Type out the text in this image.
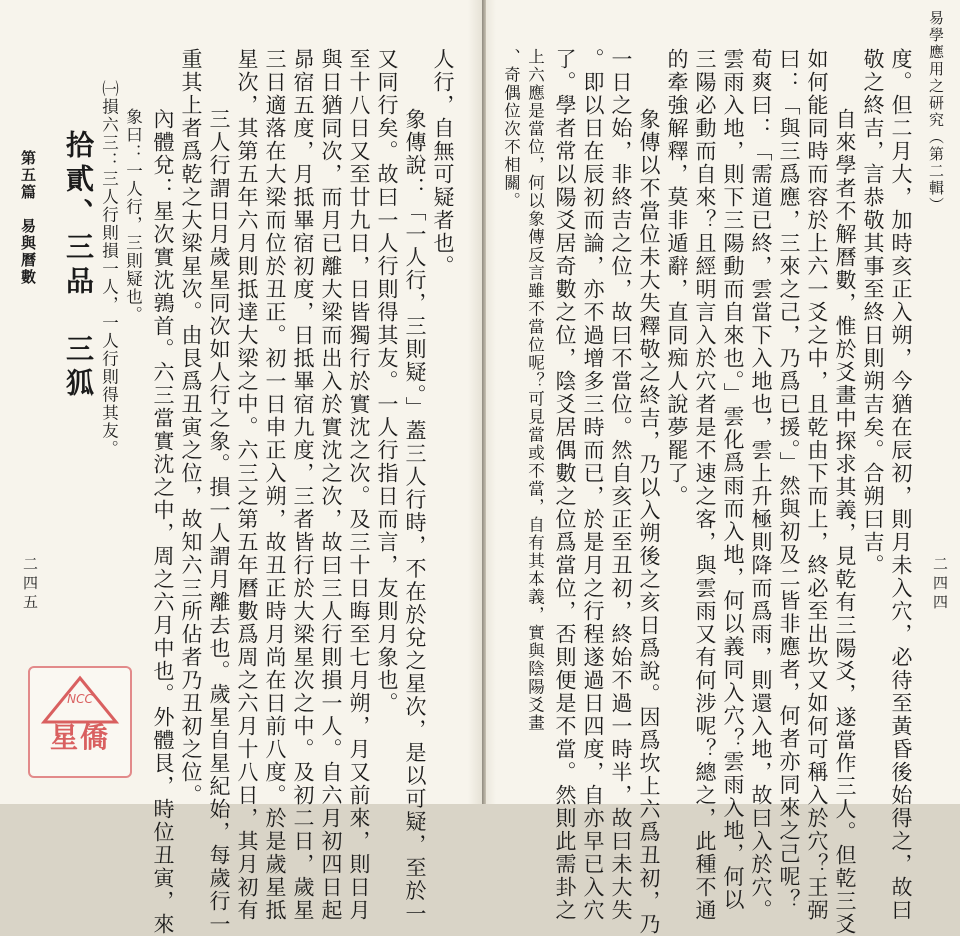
易學應用之研究（第二輯）
二四四
度。但二月大，加時亥正入朔，今猶在辰初，則月未入穴，必待至黃昏後始得之，故曰
敬之終吉，言恭敬其事至終日則朔吉矣。合朔曰吉。
自來學者不解曆數，惟於爻畫中探求其義，見乾有三陽爻，遂當作三人。但乾三爻
如何能同時而容於上六一爻之中，且乾由下而上，終必至出坎又如何可稱入於穴？王弼
曰：「與三爲應，三來之己，乃爲已援。」然與初及二皆非應者，何者亦同來之己呢？
荀爽曰：「需道已終，雲當下入地也，雲上升極則降而爲雨，則還入地，故曰入於穴。
雲雨入地，則下三陽動而自來也。」雲化爲雨而入地，何以義同入穴？雲雨入地，何以
三陽必動而自來？且經明言入於穴者是不速之客，與雲雨又有何涉呢？總之，此種不通
的牽強解釋，莫非遁辭，直同痴人說夢罷了。
象傳以不當位未大失釋敬之終吉，乃以入朔後之亥日爲說。因爲坎上六爲丑初，乃
一日之始，非終吉之位，故曰不當位。然自亥正至丑初，終始不過一時半，故曰未大失
。即以日在辰初而論，亦不過增多三時而已，於是月之行程遂過日四度，自亦早已入穴
了。學者常以陽爻居奇數之位，陰爻居偶數之位爲當位，否則便是不當。然則此需卦之
上六應是當位，何以象傳反言雖不當位呢？可見當或不當，自有其本義，實與陰陽爻畫
、奇偶位次不相關。
人行，自無可疑者也。
象傳說：「一人行，三則疑。」蓋三人行時，不在於兌之星次，是以可疑，至於一
又同行矣。故曰一人行則得其友。一人行指日而言，友則月象也。
至十八日又至廿九日，日皆獨行於實沈之次。及三十日晦至七月朔，月又前來，則日月
與日猶同次，而月已離大梁而出入於實沈之次，故曰三人行則損一人。自六月初四日起
昴宿五度，月抵畢宿初度，日抵畢宿九度，三者皆行於大梁星次之中。及初二日，歲星
三日適落在大梁而位於丑正。初一日申正入朔，故丑正時月尚在日前八度。於是歲星抵
星次，其第五年六月則抵達大梁之中。六三之第五年曆數爲周之六月十八日，其月初有
三人行謂日月歲星同次如人行之象。損一人謂月離去也。歲星自星紀始，每歲行一
重其上者爲乾之大梁星次。由艮爲丑寅之位，故知六三所佔者乃丑初之位。
內體兌：星次實沈鶉首。六三當實沈之中，周之六月中也。外體艮，時位丑寅，來
象曰：一人行，三則疑也。
㈠損六三：三人行則損一人，一人行則得其友。
拾貳、三品　三狐
第五篇　易與曆數
二四五
NCC
星僑
